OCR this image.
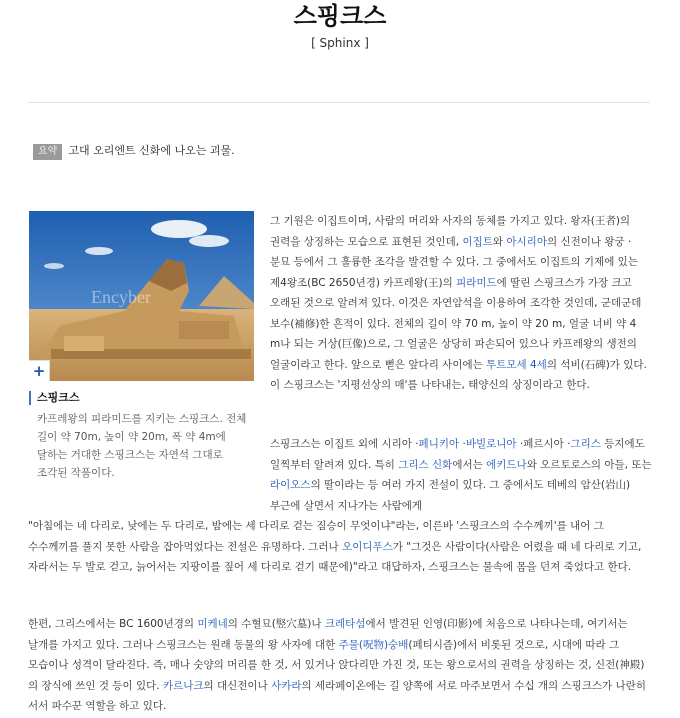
스핑크스
[ Sphinx ]
요약 고대 오리엔트 신화에 나오는 괴물.
Encyber
+
스핑크스
카프레왕의 피라미드를 지키는 스핑크스. 전체 길이 약 70m, 높이 약 20m, 폭 약 4m에 달하는 거대한 스핑크스는 자연석 그대로 조각된 작품이다.
그 기원은 이집트이며, 사람의 머리와 사자의 동체를 가지고 있다. 왕자(王者)의 권력을 상징하는 모습으로 표현된 것인데, 이집트와 아시리아의 신전이나 왕궁 · 분묘 등에서 그 훌륭한 조각을 발견할 수 있다. 그 중에서도 이집트의 기제에 있는 제4왕조(BC 2650년경) 카프레왕(王)의 피라미드에 딸린 스핑크스가 가장 크고 오래된 것으로 알려져 있다. 이것은 자연암석을 이용하여 조각한 것인데, 군데군데 보수(補修)한 흔적이 있다. 전체의 길이 약 70 m, 높이 약 20 m, 얼굴 너비 약 4 m나 되는 거상(巨像)으로, 그 얼굴은 상당히 파손되어 있으나 카프레왕의 생전의 얼굴이라고 한다. 앞으로 뻗은 앞다리 사이에는 투트모세 4세의 석비(石碑)가 있다. 이 스핑크스는 '지평선상의 매'를 나타내는, 태양신의 상징이라고 한다.
스핑크스는 이집트 외에 시리아 ·페니키아 ·바빌로니아 ·페르시아 ·그리스 등지에도 일찍부터 알려져 있다. 특히 그리스 신화에서는 에키드나와 오르토로스의 아들, 또는 라이오스의 딸이라는 등 여러 가지 전설이 있다. 그 중에서도 테베의 암산(岩山) 부근에 살면서 지나가는 사람에게
"아침에는 네 다리로, 낮에는 두 다리로, 밤에는 세 다리로 걷는 짐승이 무엇이냐"라는, 이른바 '스핑크스의 수수께끼'를 내어 그 수수께끼를 풀지 못한 사람을 잡아먹었다는 전설은 유명하다. 그러나 오이디푸스가 "그것은 사람이다(사람은 어렸을 때 네 다리로 기고, 자라서는 두 발로 걷고, 늙어서는 지팡이를 짚어 세 다리로 걷기 때문에)"라고 대답하자, 스핑크스는 물속에 몸을 던져 죽었다고 한다.
한편, 그리스에서는 BC 1600년경의 미케네의 수혈묘(竪穴墓)나 크레타섬에서 발견된 인영(印影)에 처음으로 나타나는데, 여기서는 날개를 가지고 있다. 그러나 스핑크스는 원래 동물의 왕 사자에 대한 주물(呪物)숭배(페티시즘)에서 비롯된 것으로, 시대에 따라 그 모습이나 성격이 달라진다. 즉, 매나 숫양의 머리를 한 것, 서 있거나 앉다리만 가진 것, 또는 왕으로서의 권력을 상징하는 것, 신전(神殿)의 장식에 쓰인 것 등이 있다. 카르나크의 대신전이나 사카라의 세라페이온에는 길 양쪽에 서로 마주보면서 수십 개의 스핑크스가 나란히 서서 파수꾼 역할을 하고 있다.
